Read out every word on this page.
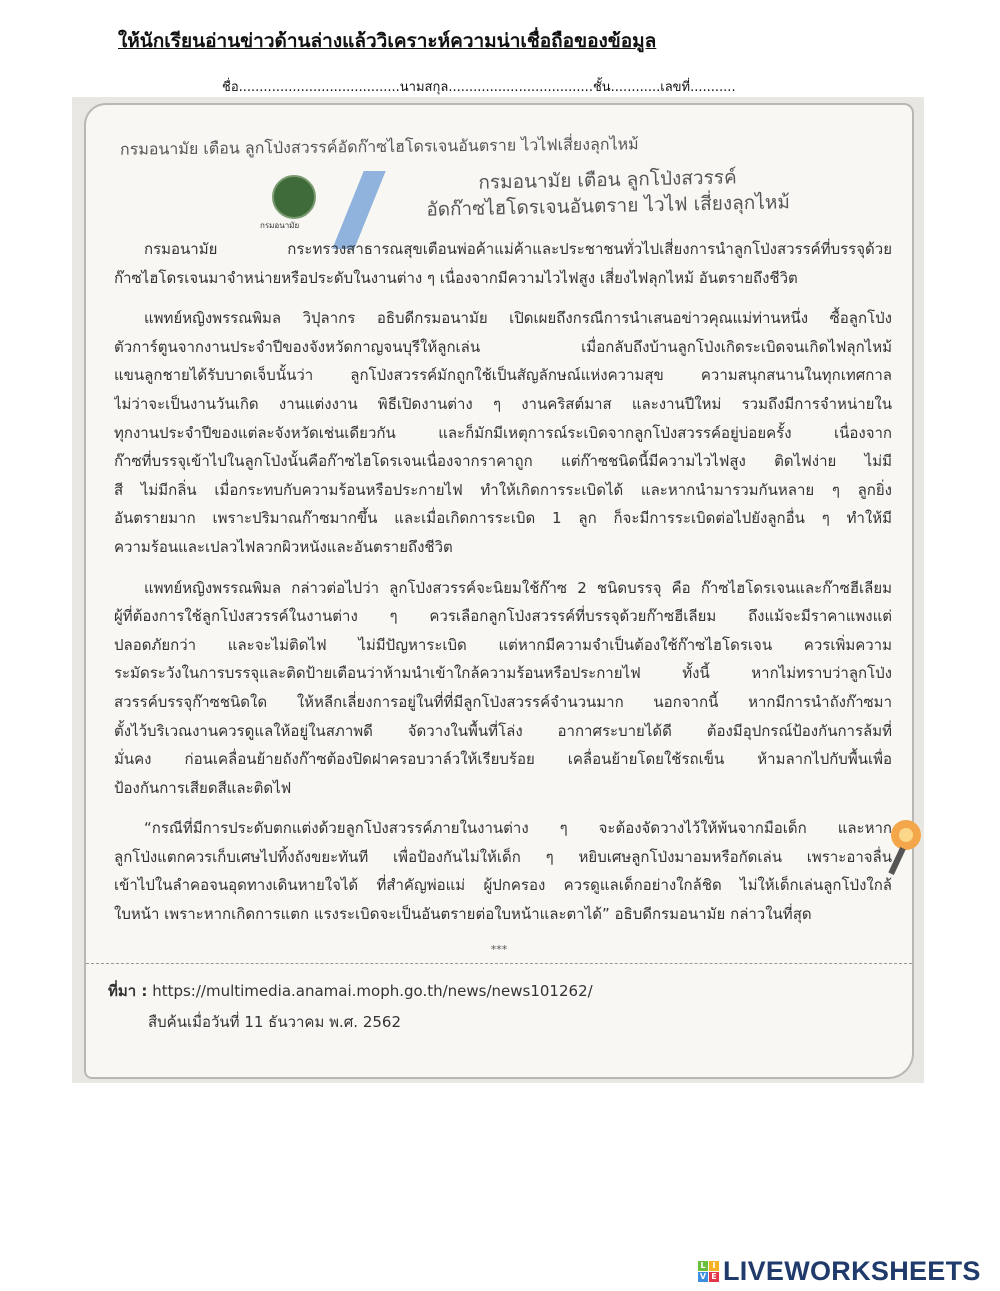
ให้นักเรียนอ่านข่าวด้านล่างแล้ววิเคราะห์ความน่าเชื่อถือของข้อมูล
ชื่อ.......................................นามสกุล...................................ชั้น............เลขที่...........
กรมอนามัย เตือน ลูกโป่งสวรรค์อัดก๊าซไฮโดรเจนอันตราย ไวไฟเสี่ยงลุกไหม้
กรมอนามัย
กรมอนามัย เตือน ลูกโป่งสวรรค์
อัดก๊าซไฮโดรเจนอันตราย ไวไฟ เสี่ยงลุกไหม้
กรมอนามัย กระทรวงสาธารณสุขเตือนพ่อค้าแม่ค้าและประชาชนทั่วไปเสี่ยงการนำลูกโป่งสวรรค์ที่บรรจุด้วย
ก๊าซไฮโดรเจนมาจำหน่ายหรือประดับในงานต่าง ๆ เนื่องจากมีความไวไฟสูง เสี่ยงไฟลุกไหม้ อันตรายถึงชีวิต
แพทย์หญิงพรรณพิมล วิปุลากร อธิบดีกรมอนามัย เปิดเผยถึงกรณีการนำเสนอข่าวคุณแม่ท่านหนึ่ง ซื้อลูกโป่ง
ตัวการ์ตูนจากงานประจำปีของจังหวัดกาญจนบุรีให้ลูกเล่น เมื่อกลับถึงบ้านลูกโป่งเกิดระเบิดจนเกิดไฟลุกไหม้
แขนลูกชายได้รับบาดเจ็บนั้นว่า ลูกโป่งสวรรค์มักถูกใช้เป็นสัญลักษณ์แห่งความสุข ความสนุกสนานในทุกเทศกาล
ไม่ว่าจะเป็นงานวันเกิด งานแต่งงาน พิธีเปิดงานต่าง ๆ งานคริสต์มาส และงานปีใหม่ รวมถึงมีการจำหน่ายใน
ทุกงานประจำปีของแต่ละจังหวัดเช่นเดียวกัน และก็มักมีเหตุการณ์ระเบิดจากลูกโป่งสวรรค์อยู่บ่อยครั้ง เนื่องจาก
ก๊าซที่บรรจุเข้าไปในลูกโป่งนั้นคือก๊าซไฮโดรเจนเนื่องจากราคาถูก แต่ก๊าซชนิดนี้มีความไวไฟสูง ติดไฟง่าย ไม่มี
สี ไม่มีกลิ่น เมื่อกระทบกับความร้อนหรือประกายไฟ ทำให้เกิดการระเบิดได้ และหากนำมารวมกันหลาย ๆ ลูกยิ่ง
อันตรายมาก เพราะปริมาณก๊าซมากขึ้น และเมื่อเกิดการระเบิด 1 ลูก ก็จะมีการระเบิดต่อไปยังลูกอื่น ๆ ทำให้มี
ความร้อนและเปลวไฟลวกผิวหนังและอันตรายถึงชีวิต
แพทย์หญิงพรรณพิมล กล่าวต่อไปว่า ลูกโป่งสวรรค์จะนิยมใช้ก๊าซ 2 ชนิดบรรจุ คือ ก๊าซไฮโดรเจนและก๊าซฮีเลียม
ผู้ที่ต้องการใช้ลูกโป่งสวรรค์ในงานต่าง ๆ ควรเลือกลูกโป่งสวรรค์ที่บรรจุด้วยก๊าซฮีเลียม ถึงแม้จะมีราคาแพงแต่
ปลอดภัยกว่า และจะไม่ติดไฟ ไม่มีปัญหาระเบิด แต่หากมีความจำเป็นต้องใช้ก๊าซไฮโดรเจน ควรเพิ่มความ
ระมัดระวังในการบรรจุและติดป้ายเตือนว่าห้ามนำเข้าใกล้ความร้อนหรือประกายไฟ ทั้งนี้ หากไม่ทราบว่าลูกโป่ง
สวรรค์บรรจุก๊าซชนิดใด ให้หลีกเลี่ยงการอยู่ในที่ที่มีลูกโป่งสวรรค์จำนวนมาก นอกจากนี้ หากมีการนำถังก๊าซมา
ตั้งไว้บริเวณงานควรดูแลให้อยู่ในสภาพดี จัดวางในพื้นที่โล่ง อากาศระบายได้ดี ต้องมีอุปกรณ์ป้องกันการล้มที่
มั่นคง ก่อนเคลื่อนย้ายถังก๊าซต้องปิดฝาครอบวาล์วให้เรียบร้อย เคลื่อนย้ายโดยใช้รถเข็น ห้ามลากไปกับพื้นเพื่อ
ป้องกันการเสียดสีและติดไฟ
“กรณีที่มีการประดับตกแต่งด้วยลูกโป่งสวรรค์ภายในงานต่าง ๆ จะต้องจัดวางไว้ให้พ้นจากมือเด็ก และหาก
ลูกโป่งแตกควรเก็บเศษไปทิ้งถังขยะทันที เพื่อป้องกันไม่ให้เด็ก ๆ หยิบเศษลูกโป่งมาอมหรือกัดเล่น เพราะอาจลื่น
เข้าไปในลำคอจนอุดทางเดินหายใจได้ ที่สำคัญพ่อแม่ ผู้ปกครอง ควรดูแลเด็กอย่างใกล้ชิด ไม่ให้เด็กเล่นลูกโป่งใกล้
ใบหน้า เพราะหากเกิดการแตก แรงระเบิดจะเป็นอันตรายต่อใบหน้าและตาได้” อธิบดีกรมอนามัย กล่าวในที่สุด
***
ที่มา : https://multimedia.anamai.moph.go.th/news/news101262/
สืบค้นเมื่อวันที่ 11 ธันวาคม พ.ศ. 2562
L I
V E LIVEWORKSHEETS
